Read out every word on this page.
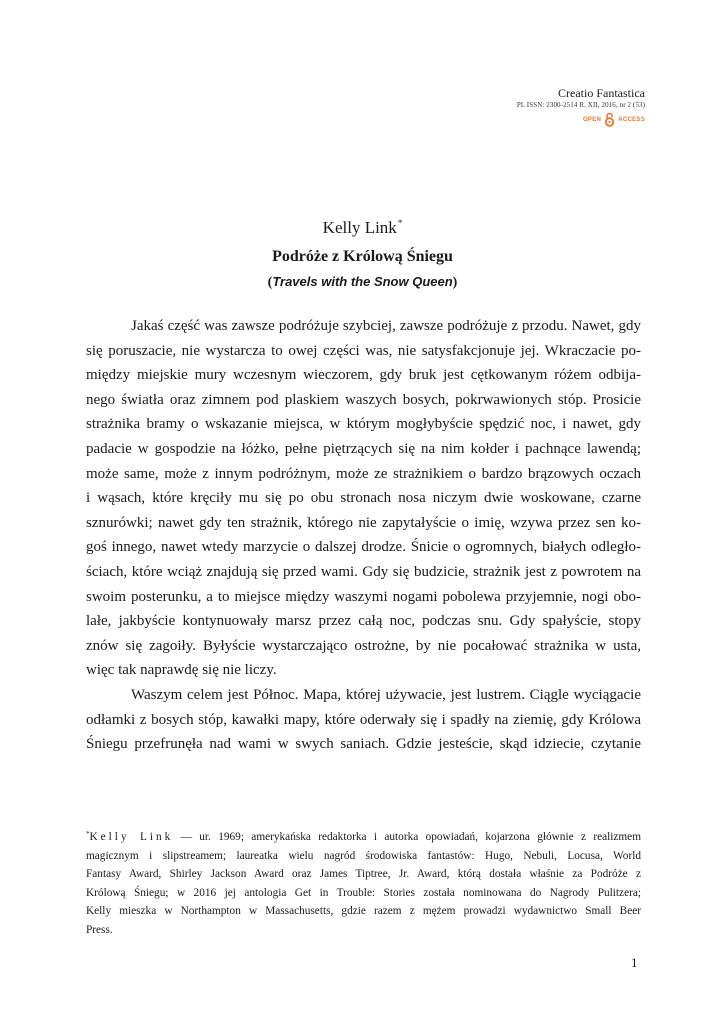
Creatio Fantastica
PL ISSN: 2300-2514 R. XII, 2016, nr 2 (53)
OPEN	ACCESS
Kelly Link*
Podróże z Królową Śniegu
(Travels with the Snow Queen)
Jakaś część was zawsze podróżuje szybciej, zawsze podróżuje z przodu. Nawet, gdy
się poruszacie, nie wystarcza to owej części was, nie satysfakcjonuje jej. Wkraczacie po-
między miejskie mury wczesnym wieczorem, gdy bruk jest cętkowanym różem odbija-
nego światła oraz zimnem pod plaskiem waszych bosych, pokrwawionych stóp. Prosicie
strażnika bramy o wskazanie miejsca, w którym mogłybyście spędzić noc, i nawet, gdy
padacie w gospodzie na łóżko, pełne piętrzących się na nim kołder i pachnące lawendą;
może same, może z innym podróżnym, może ze strażnikiem o bardzo brązowych oczach
i wąsach, które kręciły mu się po obu stronach nosa niczym dwie woskowane, czarne
sznurówki; nawet gdy ten strażnik, którego nie zapytałyście o imię, wzywa przez sen ko-
goś innego, nawet wtedy marzycie o dalszej drodze. Śnicie o ogromnych, białych odległo-
ściach, które wciąż znajdują się przed wami. Gdy się budzicie, strażnik jest z powrotem na
swoim posterunku, a to miejsce między waszymi nogami pobolewa przyjemnie, nogi obo-
lałe, jakbyście kontynuowały marsz przez całą noc, podczas snu. Gdy spałyście, stopy
znów się zagoiły. Byłyście wystarczająco ostrożne, by nie pocałować strażnika w usta,
więc tak naprawdę się nie liczy.
Waszym celem jest Północ. Mapa, której używacie, jest lustrem. Ciągle wyciągacie
odłamki z bosych stóp, kawałki mapy, które oderwały się i spadły na ziemię, gdy Królowa
Śniegu przefrunęła nad wami w swych saniach. Gdzie jesteście, skąd idziecie, czytanie
*Kelly Link — ur. 1969; amerykańska redaktorka i autorka opowiadań, kojarzona głównie z realizmem
magicznym i slipstreamem; laureatka wielu nagród środowiska fantastów: Hugo, Nebuli, Locusa, World
Fantasy Award, Shirley Jackson Award oraz James Tiptree, Jr. Award, którą dostała właśnie za Podróże z
Królową Śniegu; w 2016 jej antologia Get in Trouble: Stories została nominowana do Nagrody Pulitzera;
Kelly mieszka w Northampton w Massachusetts, gdzie razem z mężem prowadzi wydawnictwo Small Beer
Press.
1
